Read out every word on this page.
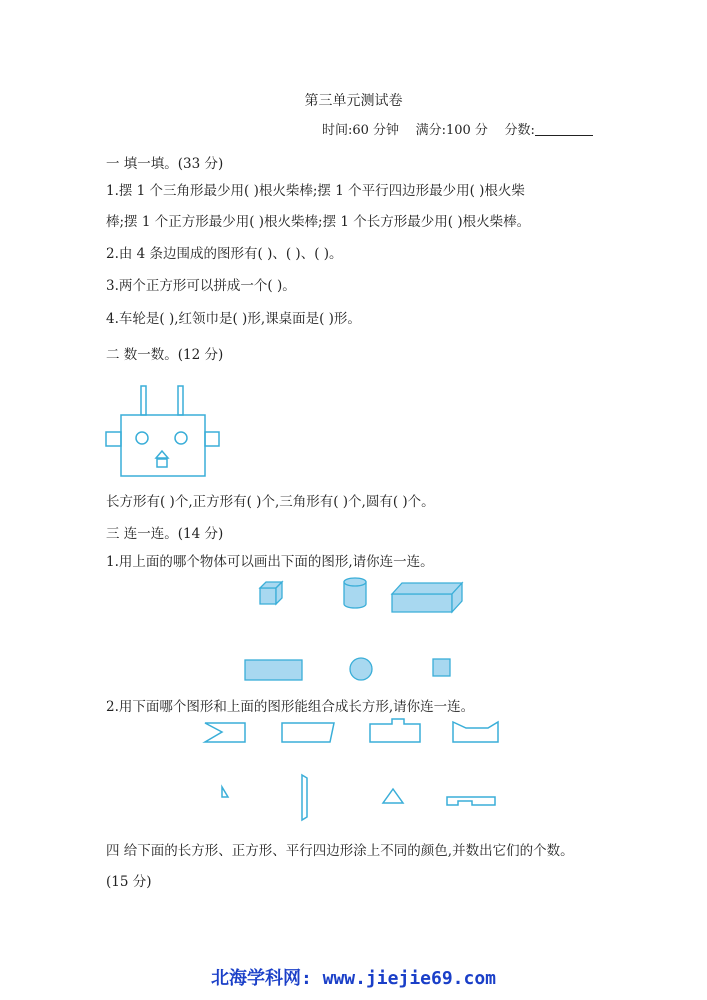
第三单元测试卷
时间:60 分钟 满分:100 分 分数:
一 填一填。(33 分)
1.摆 1 个三角形最少用( )根火柴棒;摆 1 个平行四边形最少用( )根火柴
棒;摆 1 个正方形最少用( )根火柴棒;摆 1 个长方形最少用( )根火柴棒。
2.由 4 条边围成的图形有( )、( )、( )。
3.两个正方形可以拼成一个( )。
4.车轮是( ),红领巾是( )形,课桌面是( )形。
二 数一数。(12 分)
长方形有( )个,正方形有( )个,三角形有( )个,圆有( )个。
三 连一连。(14 分)
1.用上面的哪个物体可以画出下面的图形,请你连一连。
2.用下面哪个图形和上面的图形能组合成长方形,请你连一连。
四 给下面的长方形、正方形、平行四边形涂上不同的颜色,并数出它们的个数。
(15 分)
北海学科网: www.jiejie69.com
